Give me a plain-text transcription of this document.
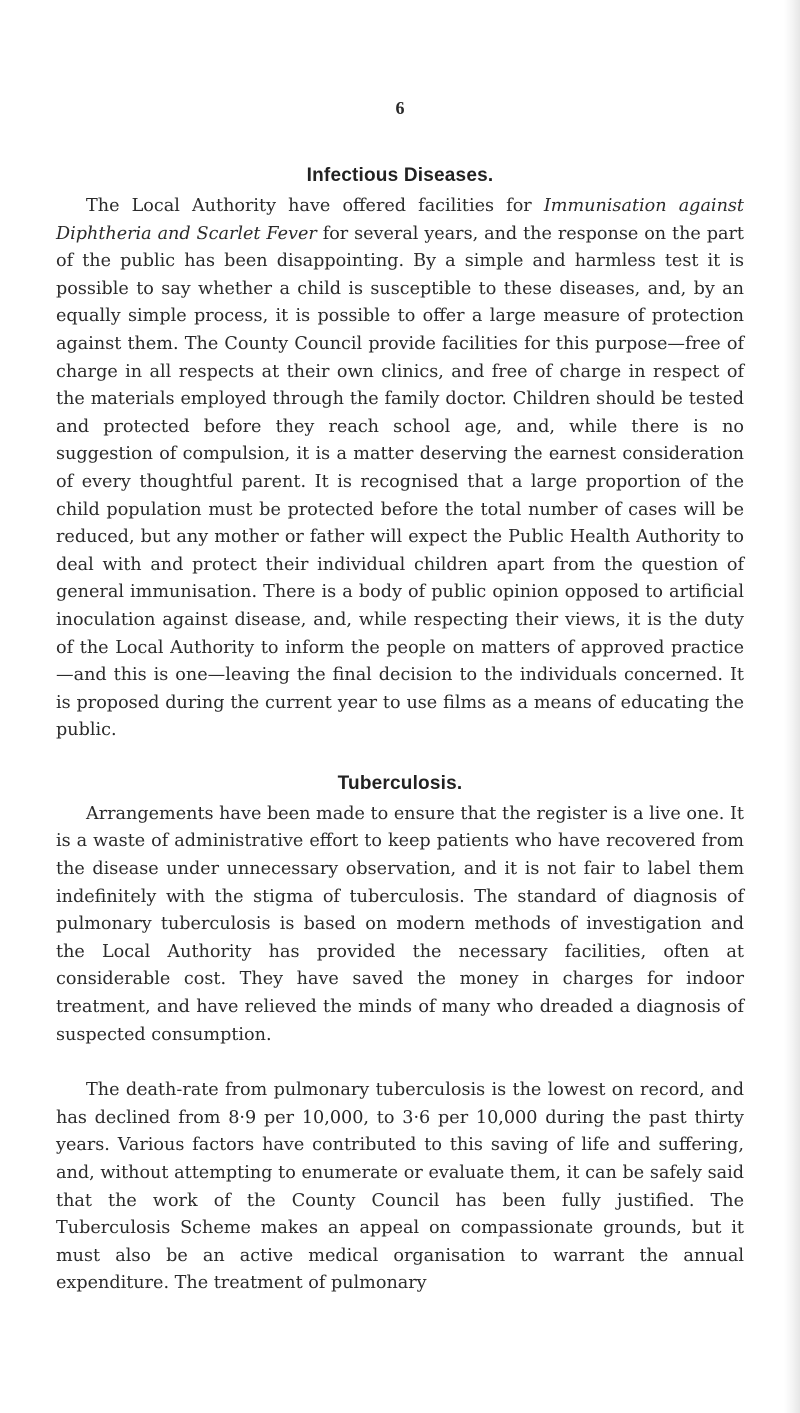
6
Infectious Diseases.

The Local Authority have offered facilities for Immunisation against Diphtheria and Scarlet Fever for several years, and the response on the part of the public has been disappointing. By a simple and harmless test it is possible to say whether a child is susceptible to these diseases, and, by an equally simple process, it is possible to offer a large measure of protection against them. The County Council provide facilities for this purpose—free of charge in all respects at their own clinics, and free of charge in respect of the materials employed through the family doctor. Children should be tested and protected before they reach school age, and, while there is no suggestion of compulsion, it is a matter deserving the earnest consideration of every thoughtful parent. It is recognised that a large proportion of the child population must be protected before the total number of cases will be reduced, but any mother or father will expect the Public Health Authority to deal with and protect their individual children apart from the question of general immunisation. There is a body of public opinion opposed to artificial inoculation against disease, and, while respecting their views, it is the duty of the Local Authority to inform the people on matters of approved practice—and this is one—leaving the final decision to the individuals concerned. It is proposed during the current year to use films as a means of educating the public.

Tuberculosis.

Arrangements have been made to ensure that the register is a live one. It is a waste of administrative effort to keep patients who have recovered from the disease under unnecessary observation, and it is not fair to label them indefinitely with the stigma of tuberculosis. The standard of diagnosis of pulmonary tuberculosis is based on modern methods of investigation and the Local Authority has provided the necessary facilities, often at considerable cost. They have saved the money in charges for indoor treatment, and have relieved the minds of many who dreaded a diagnosis of suspected consumption.

The death-rate from pulmonary tuberculosis is the lowest on record, and has declined from 8·9 per 10,000, to 3·6 per 10,000 during the past thirty years. Various factors have contributed to this saving of life and suffering, and, without attempting to enumerate or evaluate them, it can be safely said that the work of the County Council has been fully justified. The Tuberculosis Scheme makes an appeal on compassionate grounds, but it must also be an active medical organisation to warrant the annual expenditure. The treatment of pulmonary
